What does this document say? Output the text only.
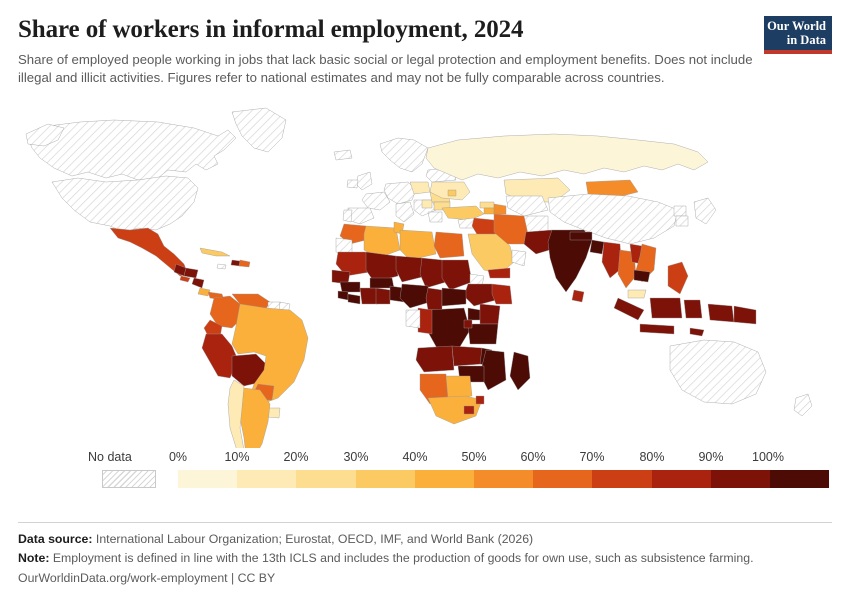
Share of workers in informal employment, 2024
Share of employed people working in jobs that lack basic social or legal protection and employment benefits. Does not include illegal and illicit activities. Figures refer to national estimates and may not be fully comparable across countries.
Our World
in Data
No data	0%	10%	20%	30%	40%	50%	60%	70%	80%	90% 100%
Data source: International Labour Organization; Eurostat, OECD, IMF, and World Bank (2026)
Note: Employment is defined in line with the 13th ICLS and includes the production of goods for own use, such as subsistence farming.
OurWorldinData.org/work-employment | CC BY
